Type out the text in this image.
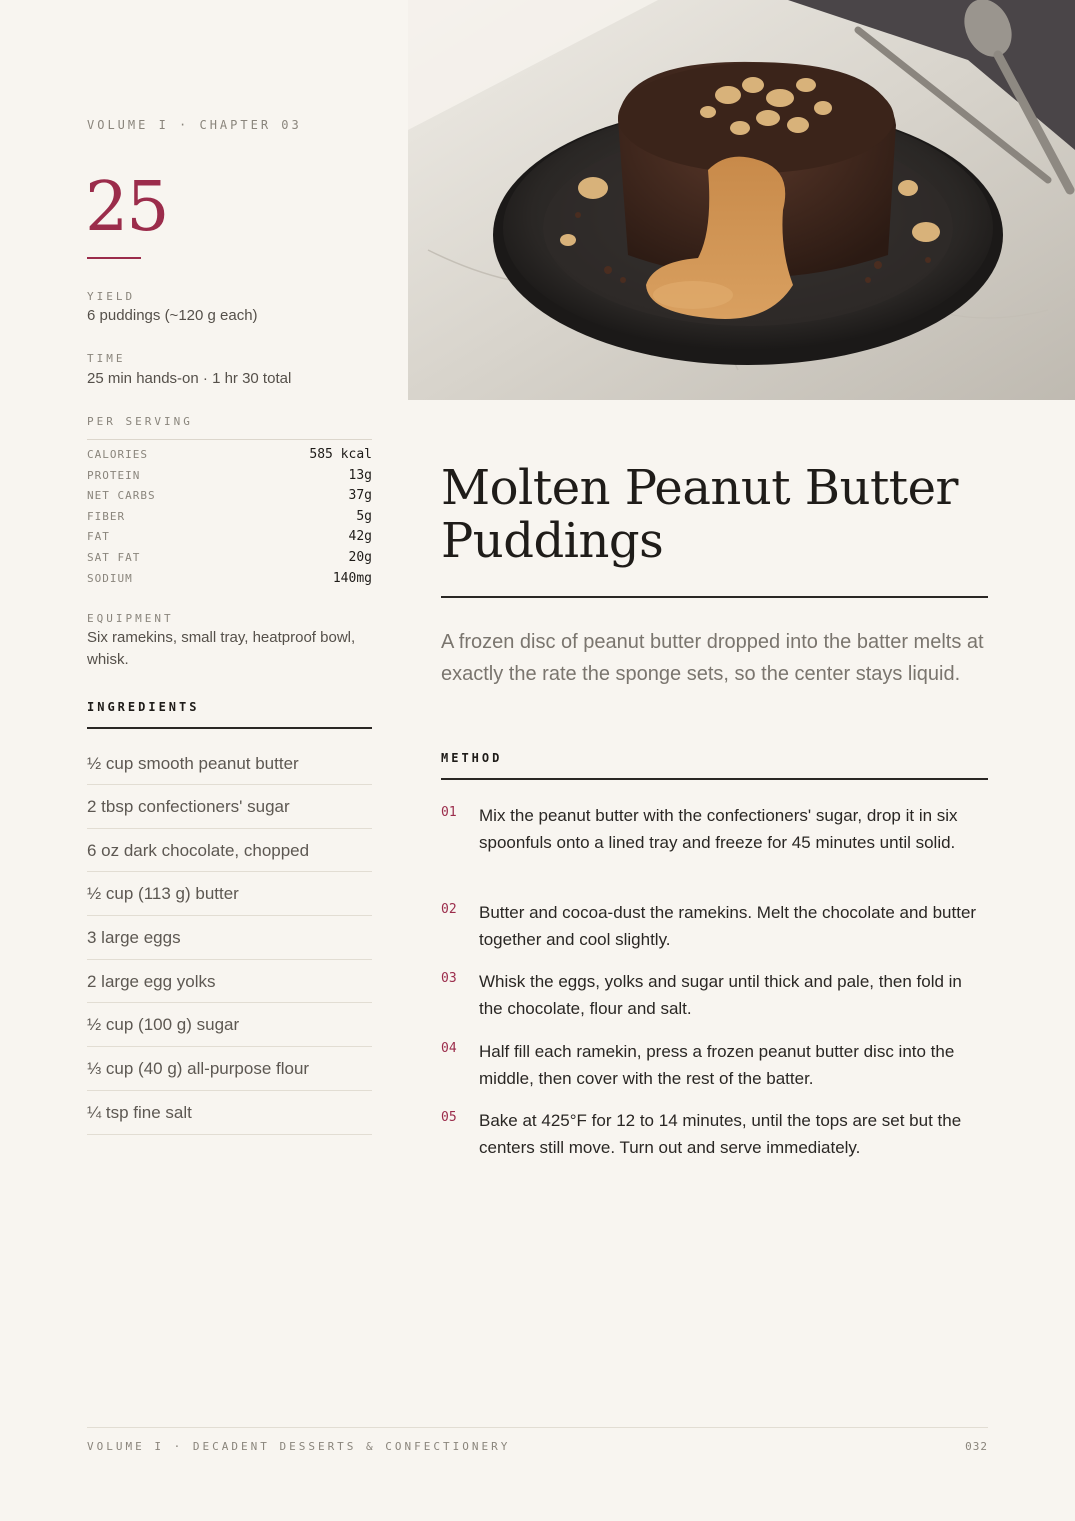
VOLUME I · CHAPTER 03
25
YIELD
6 puddings (~120 g each)
TIME
25 min hands-on · 1 hr 30 total
PER SERVING
CALORIES	585 kcal
PROTEIN	13g
NET CARBS	37g
FIBER	5g
FAT	42g
SAT FAT	20g
SODIUM	140mg
EQUIPMENT
Six ramekins, small tray, heatproof bowl, whisk.
INGREDIENTS
½ cup smooth peanut butter
2 tbsp confectioners' sugar
6 oz dark chocolate, chopped
½ cup (113 g) butter
3 large eggs
2 large egg yolks
½ cup (100 g) sugar
⅓ cup (40 g) all-purpose flour
¼ tsp fine salt
Molten Peanut Butter Puddings

A frozen disc of peanut butter dropped into the batter melts at exactly the rate the sponge sets, so the center stays liquid.

METHOD
01	Mix the peanut butter with the confectioners' sugar, drop it in six spoonfuls onto a lined tray and freeze for 45 minutes until solid.
02	Butter and cocoa-dust the ramekins. Melt the chocolate and butter together and cool slightly.
03	Whisk the eggs, yolks and sugar until thick and pale, then fold in the chocolate, flour and salt.
04	Half fill each ramekin, press a frozen peanut butter disc into the middle, then cover with the rest of the batter.
05	Bake at 425°F for 12 to 14 minutes, until the tops are set but the centers still move. Turn out and serve immediately.
VOLUME I · DECADENT DESSERTS & CONFECTIONERY	032
